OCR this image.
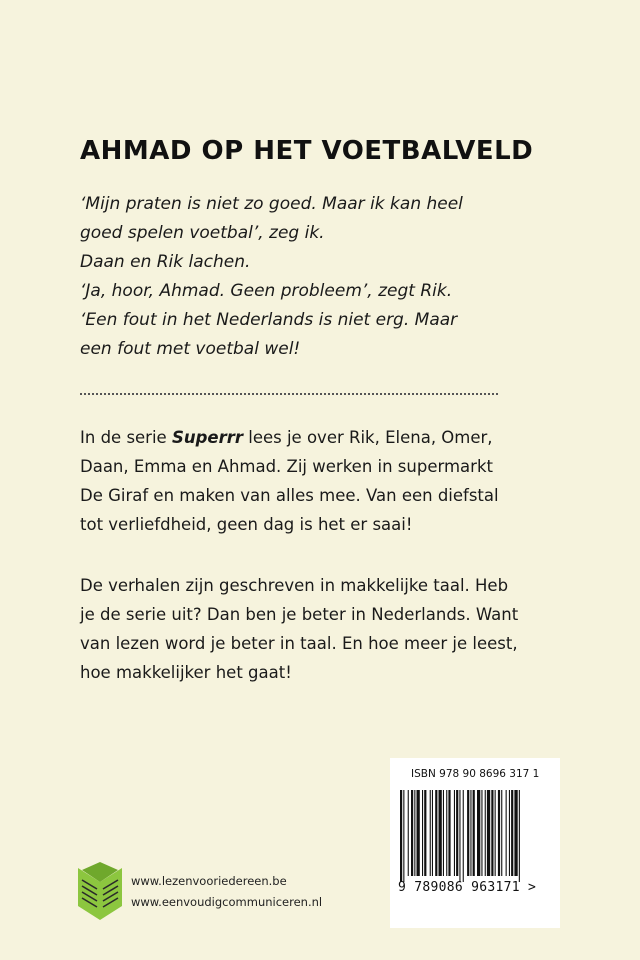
AHMAD OP HET VOETBALVELD
‘Mijn praten is niet zo goed. Maar ik kan heel
goed spelen voetbal’, zeg ik.
Daan en Rik lachen.
‘Ja, hoor, Ahmad. Geen probleem’, zegt Rik.
‘Een fout in het Nederlands is niet erg. Maar
een fout met voetbal wel!
In de serie Superrr lees je over Rik, Elena, Omer,
Daan, Emma en Ahmad. Zij werken in supermarkt
De Giraf en maken van alles mee. Van een diefstal
tot verliefdheid, geen dag is het er saai!
De verhalen zijn geschreven in makkelijke taal. Heb
je de serie uit? Dan ben je beter in Nederlands. Want
van lezen word je beter in taal. En hoe meer je leest,
hoe makkelijker het gaat!
www.lezenvooriedereen.be
www.eenvoudigcommuniceren.nl
ISBN 978 90 8696 317 1
9 789086 963171 >
